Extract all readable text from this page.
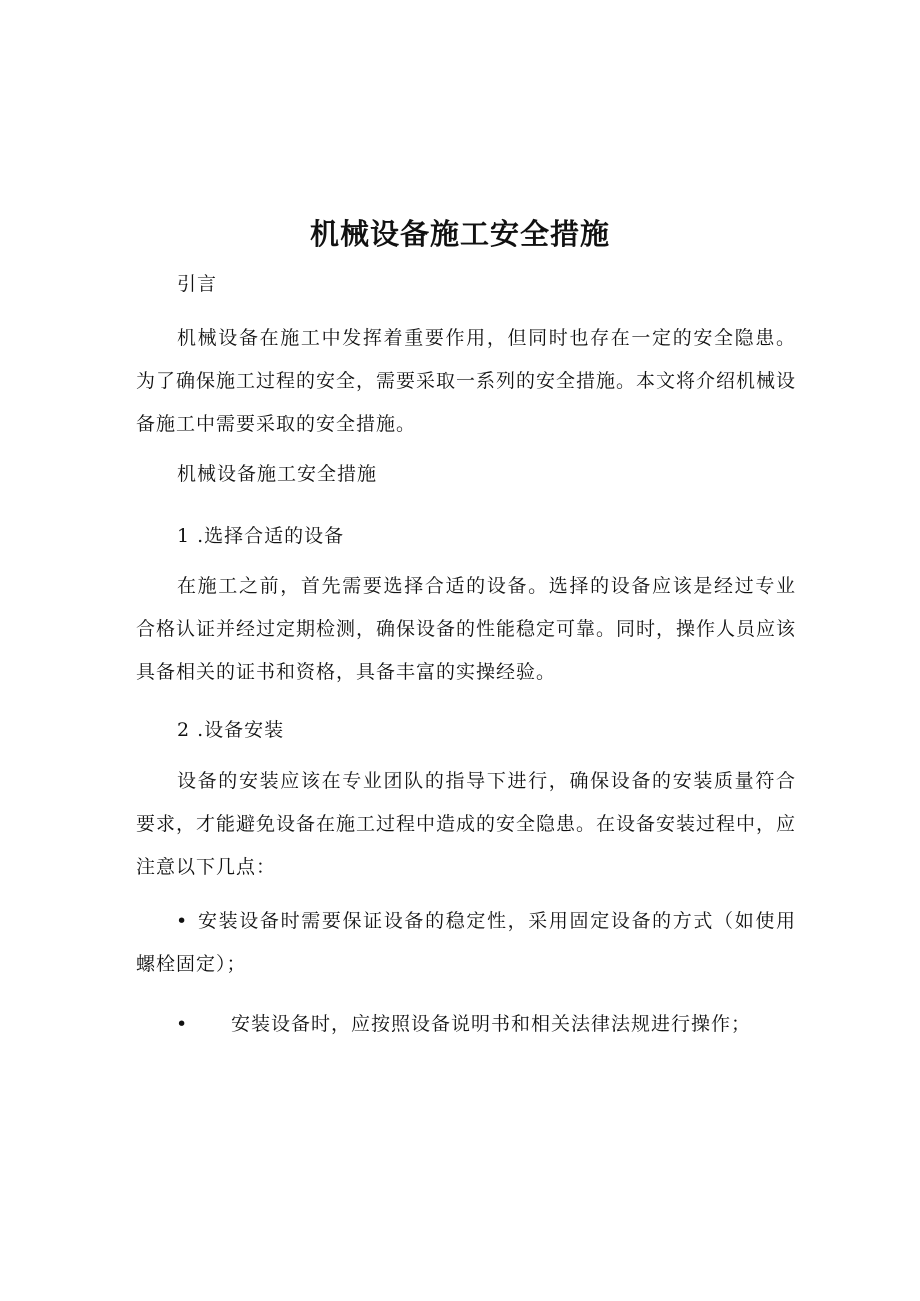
机械设备施工安全措施

引言

机械设备在施工中发挥着重要作用，但同时也存在一定的安全隐患。为了确保施工过程的安全，需要采取一系列的安全措施。本文将介绍机械设备施工中需要采取的安全措施。

机械设备施工安全措施

1 .选择合适的设备

在施工之前，首先需要选择合适的设备。选择的设备应该是经过专业合格认证并经过定期检测，确保设备的性能稳定可靠。同时，操作人员应该具备相关的证书和资格，具备丰富的实操经验。

2 .设备安装

设备的安装应该在专业团队的指导下进行，确保设备的安装质量符合要求，才能避免设备在施工过程中造成的安全隐患。在设备安装过程中，应注意以下几点：

• 安装设备时需要保证设备的稳定性，采用固定设备的方式（如使用螺栓固定）；

•	安装设备时，应按照设备说明书和相关法律法规进行操作；
